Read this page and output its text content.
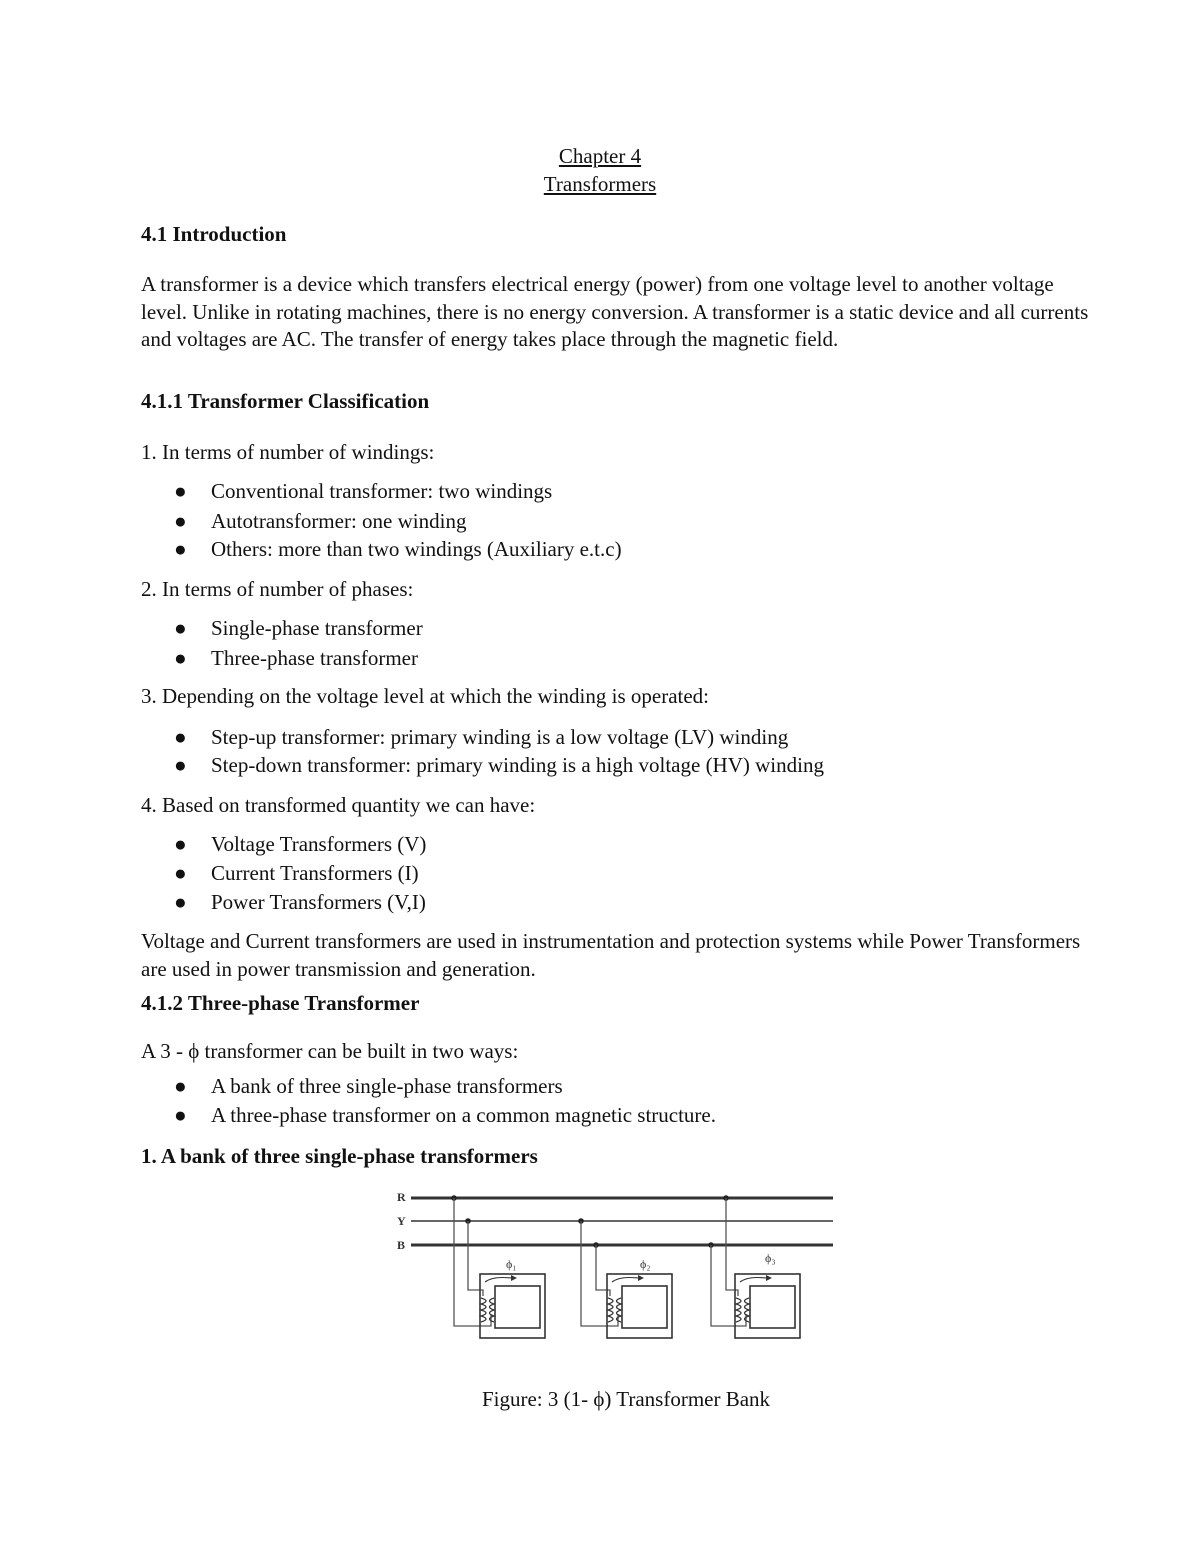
Chapter 4
Transformers
4.1 Introduction
A transformer is a device which transfers electrical energy (power) from one voltage level to another voltage level. Unlike in rotating machines, there is no energy conversion. A transformer is a static device and all currents and voltages are AC. The transfer of energy takes place through the magnetic field.
4.1.1 Transformer Classification
1. In terms of number of windings:
● Conventional transformer: two windings
● Autotransformer: one winding
● Others: more than two windings (Auxiliary e.t.c)
2. In terms of number of phases:
● Single-phase transformer
● Three-phase transformer
3. Depending on the voltage level at which the winding is operated:
● Step-up transformer: primary winding is a low voltage (LV) winding
● Step-down transformer: primary winding is a high voltage (HV) winding
4. Based on transformed quantity we can have:
● Voltage Transformers (V)
● Current Transformers (I)
● Power Transformers (V,I)
Voltage and Current transformers are used in instrumentation and protection systems while Power Transformers are used in power transmission and generation.
4.1.2 Three-phase Transformer
A 3 - ϕ transformer can be built in two ways:
● A bank of three single-phase transformers
● A three-phase transformer on a common magnetic structure.
1. A bank of three single-phase transformers
R
Y
B
ϕ₁	ϕ₂	ϕ₃
Figure: 3 (1- ϕ) Transformer Bank
